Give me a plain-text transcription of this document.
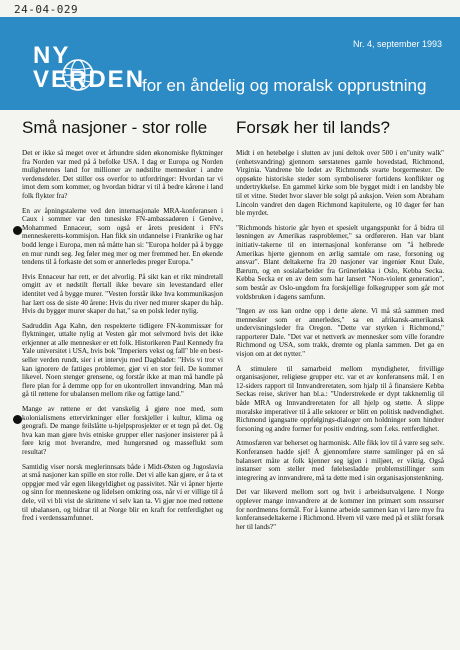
24-04-029
NY
VERDEN
Nr. 4, september 1993
for en åndelig og moralsk opprustning
Små nasjoner - stor rolle	Forsøk her til lands?

Det er ikke så meget over et århundre siden økonomiske flyktninger fra Norden var med på å befolke USA. I dag er Europa og Norden mulighetenes land for millioner av nødstilte mennesker i andre verdensdeler. Det stiller oss overfor to utfordringer: Hvordan tar vi imot dem som kommer, og hvordan bidrar vi til å bedre kårene i land folk flykter fra?

En av åpningstalerne ved den internasjonale MRA-konferansen i Caux i sommer var den tunesiske FN-ambassadøren i Genève, Mohammed Ennaceur, som også er årets president i FN's menneskeretts-kommisjon. Han fikk sin utdannelse i Frankrike og har bodd lenge i Europa, men nå måtte han si: "Europa holder på å bygge en mur rundt seg. Jeg føler meg mer og mer fremmed her. En økende tendens til å forkaste det som er annerledes preger Europa."

Hvis Ennaceur har rett, er det alvorlig. På sikt kan et rikt mindretall omgitt av et nødstilt flertall ikke bevare sin levestandard eller identitet ved å bygge murer. "Vesten forstår ikke hva kommunikasjon har lært oss de siste 40 årene: Hvis du river ned murer skaper du håp. Hvis du bygger murer skaper du hat," sa en polsk leder nylig.

Sadruddin Aga Kahn, den respekterte tidligere FN-kommissær for flyktninger, uttalte nylig at Vesten går mot selvmord hvis det ikke erkjenner at alle mennesker er ett folk. Historikeren Paul Kennedy fra Yale universitet i USA, hvis bok "Imperiers vekst og fall" ble en best-seller verden rundt, sier i et intervju med Dagbladet: "Hvis vi tror vi kan ignorere de fattiges problemer, gjør vi en stor feil. De kommer likevel. Noen stenger grensene, og forstår ikke at man må handle på flere plan for å demme opp for en ukontrollert innvandring. Man må gå til røttene for ubalansen mellom rike og fattige land."

Mange av røttene er det vanskelig å gjøre noe med, som kolonialismens ettervirkninger eller forskjeller i kultur, klima og geografi. De mange feilslåtte u-hjelpsprosjekter er et tegn på det. Og hva kan man gjøre hvis etniske grupper eller nasjoner insisterer på å føre krig mot hverandre, med hungersnød og masseflukt som resultat?

Samtidig viser norsk meglerinnsats både i Midt-Østen og Jugoslavia at små nasjoner kan spille en stor rolle. Det vi alle kan gjøre, er å ta et oppgjør med vår egen likegyldighet og passivitet. Når vi åpner hjerte og sinn for menneskene og lidelsen omkring oss, når vi er villige til å dele, vil vi bli vist de skrittene vi selv kan ta. Vi gjør noe med røttene til ubalansen, og bidrar til at Norge blir en kraft for rettferdighet og fred i verdenssamfunnet.

Midt i en hetebølge i slutten av juni deltok over 500 i en"unity walk" (enhetsvandring) gjennom sørstatenes gamle hovedstad, Richmond, Virginia. Vandrene ble ledet av Richmonds svarte borgermester. De oppsøkte historiske steder som symboliserer fortidens konflikter og undertrykkelse. En gammel kirke som ble bygget midt i en landsby ble til et vitne. Stedet hvor slaver ble solgt på auksjon. Veien som Abraham Lincoln vandret den dagen Richmond kapitulerte, og 10 dager før han ble myrdet.

"Richmonds historie går hyen et spesielt utgangspunkt for å bidra til løsningen av Amerikas rasproblemer," sa ordføreren. Han var blant initiativ-takerne til en internasjonal konferanse om "å helbrede Amerikas hjerte gjennom en ærlig samtale om rase, forsoning og ansvar". Blant deltakerne fra 20 nasjoner var ingeniør Knut Dale, Bærum, og en sosialarbeider fra Grünerløkka i Oslo, Kebba Secka. Kebba Secka er en av dem som har lansert "Non-violent generation", som består av Oslo-ungdom fra forskjellige folkegrupper som går mot voldsbruken i dagens samfunn.

"Ingen av oss kan ordne opp i dette alene. Vi må stå sammen med mennesker som er annerledes," sa en afrikansk-amerikansk undervisningsleder fra Oregon. "Dette var styrken i Richmond," rapporterer Dale. "Det var et nettverk av mennesker som ville forandre Richmond og USA, som trakk, drømte og planla sammen. Det ga en visjon om at det nytter."

Å stimulere til samarbeid mellom myndigheter, frivillige organisasjoner, religiøse grupper etc. var et av konferansens mål. I en 12-siders rapport til Innvandreretaten, som hjalp til å finansiere Kebba Seckas reise, skriver han bl.a.: "Understrekede er dypt takknemlig til både MRA og Innvandreretaten for all hjelp og støtte. Å slippe moralske imperativer til å alle sektorer er blitt en politisk nødvendighet. Richmond igangsatte oppfølgings-dialoger om holdninger som hindrer forsoning og andre former for positiv endring, som f.eks. rettferdighet.

Atmosfæren var beherset og harmonisk. Alle fikk lov til å være seg selv. Konferansen hadde sjel! Å gjennomføre større samlinger på en så balansert måte at folk kjenner seg igjen i miljøet, er viktig. Også instanser som steller med følelsesladde problemstillinger som integrering av innvandrere, må ta dette med i sin organisasjonstenkning.

Det var likeverd mellom sort og hvit i arbeidsutvalgene. I Norge opplever mange innvandrere at de kommer inn primært som ressurser for nordmenns formål. For å kunne arbeide sammen kan vi lære mye fra konferansedeltakerne i Richmond. Hvem vil være med på et slikt forsøk her til lands?"
